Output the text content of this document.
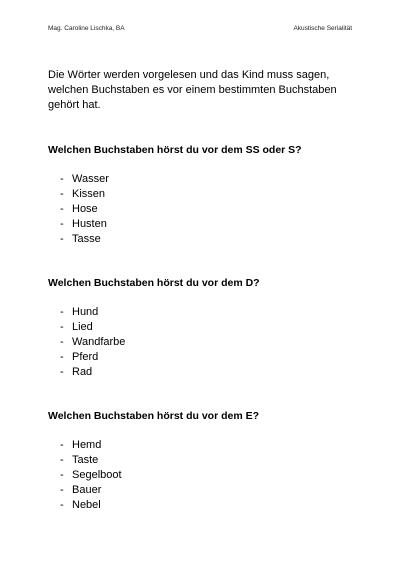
Mag. Caroline Lischka, BA	Akustische Serialität

Die Wörter werden vorgelesen und das Kind muss sagen, welchen Buchstaben es vor einem bestimmten Buchstaben gehört hat.

Welchen Buchstaben hörst du vor dem SS oder S?
- Wasser
- Kissen
- Hose
- Husten
- Tasse
Welchen Buchstaben hörst du vor dem D?
- Hund
- Lied
- Wandfarbe
- Pferd
- Rad
Welchen Buchstaben hörst du vor dem E?
- Hemd
- Taste
- Segelboot
- Bauer
- Nebel
